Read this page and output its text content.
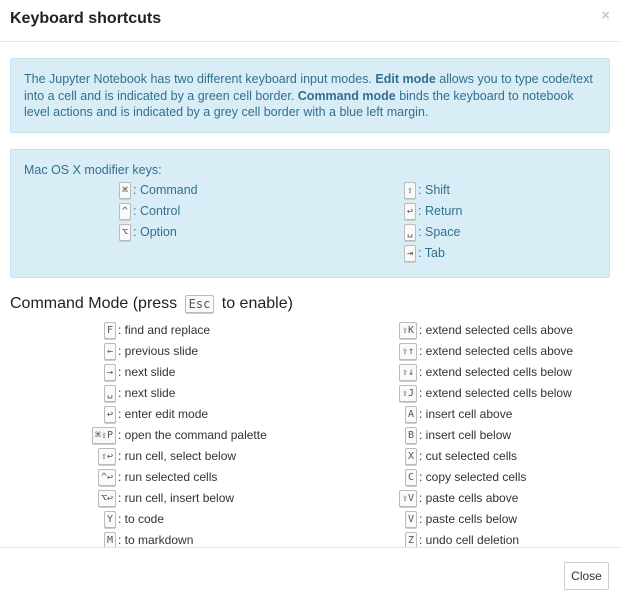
Keyboard shortcuts	×
The Jupyter Notebook has two different keyboard input modes. Edit mode allows you to type code/text into a cell and is indicated by a green cell border. Command mode binds the keyboard to notebook level actions and is indicated by a grey cell border with a blue left margin.
Mac OS X modifier keys:
⌘ : Command
^ : Control
⌥ : Option
⇧ : Shift
↩ : Return
␣ : Space
⇥ : Tab
Command Mode (press Esc to enable)
F : find and replace
← : previous slide
→ : next slide
␣ : next slide
↩ : enter edit mode
⌘⇧P : open the command palette
⇧↩ : run cell, select below
^↩ : run selected cells
⌥↩ : run cell, insert below
Y : to code
M : to markdown
⇧K : extend selected cells above
⇧↑ : extend selected cells above
⇧↓ : extend selected cells below
⇧J : extend selected cells below
A : insert cell above
B : insert cell below
X : cut selected cells
C : copy selected cells
⇧V : paste cells above
V : paste cells below
Z : undo cell deletion
Close
